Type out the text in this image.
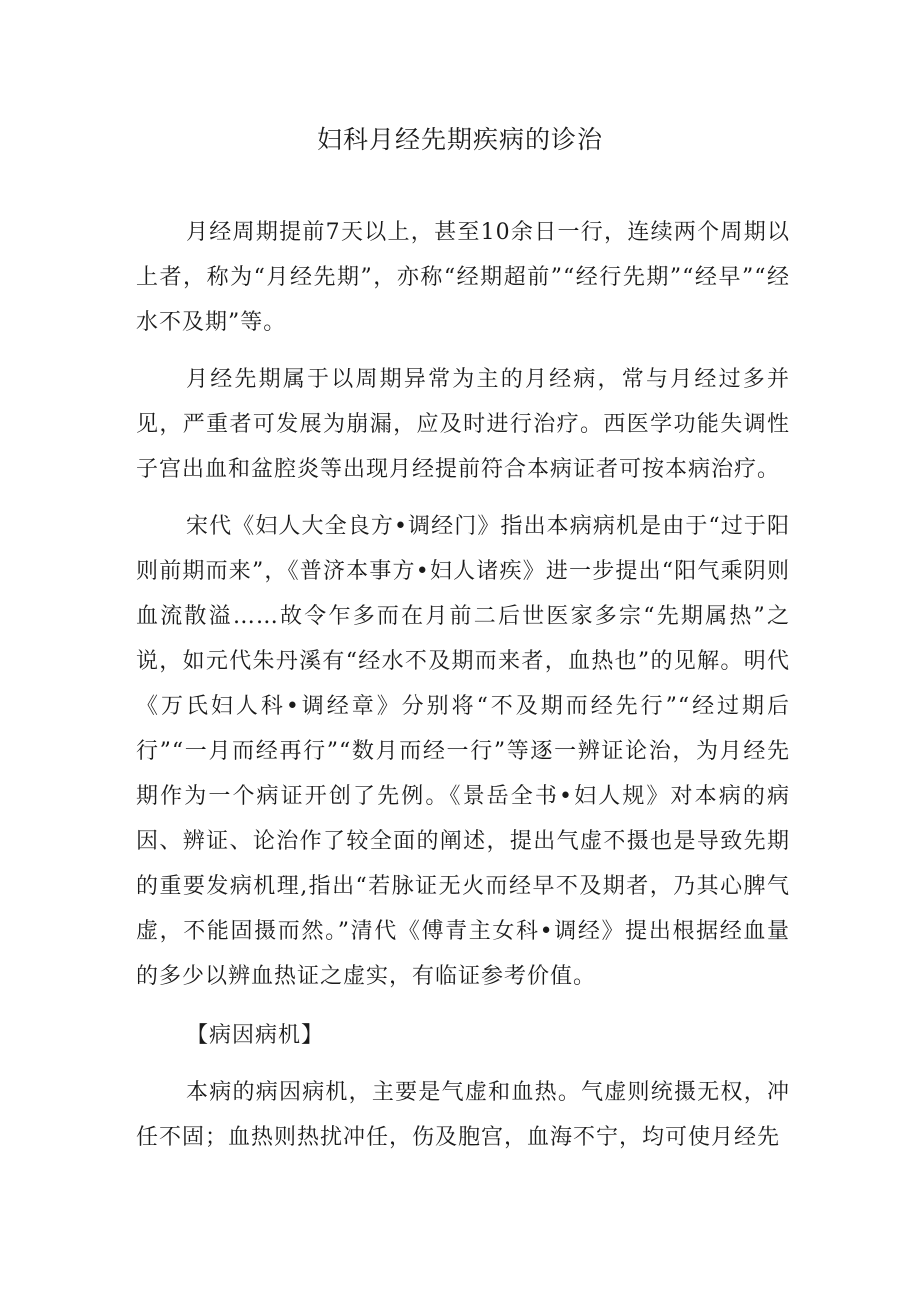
妇科月经先期疾病的诊治

月经周期提前7天以上，甚至10余日一行，连续两个周期以上者，称为“月经先期”，亦称“经期超前”“经行先期”“经早”“经水不及期”等。

月经先期属于以周期异常为主的月经病，常与月经过多并见，严重者可发展为崩漏，应及时进行治疗。西医学功能失调性子宫出血和盆腔炎等出现月经提前符合本病证者可按本病治疗。

宋代《妇人大全良方•调经门》指出本病病机是由于“过于阳则前期而来”，《普济本事方•妇人诸疾》进一步提出“阳气乘阴则血流散溢……故令乍多而在月前二后世医家多宗“先期属热”之说，如元代朱丹溪有“经水不及期而来者，血热也”的见解。明代《万氏妇人科•调经章》分别将“不及期而经先行”“经过期后行”“一月而经再行”“数月而经一行”等逐一辨证论治，为月经先期作为一个病证开创了先例。《景岳全书•妇人规》对本病的病因、辨证、论治作了较全面的阐述，提出气虚不摄也是导致先期的重要发病机理,指出“若脉证无火而经早不及期者，乃其心脾气虚，不能固摄而然。”清代《傅青主女科•调经》提出根据经血量的多少以辨血热证之虚实，有临证参考价值。

【病因病机】

本病的病因病机，主要是气虚和血热。气虚则统摄无权，冲任不固；血热则热扰冲任，伤及胞宫，血海不宁，均可使月经先
